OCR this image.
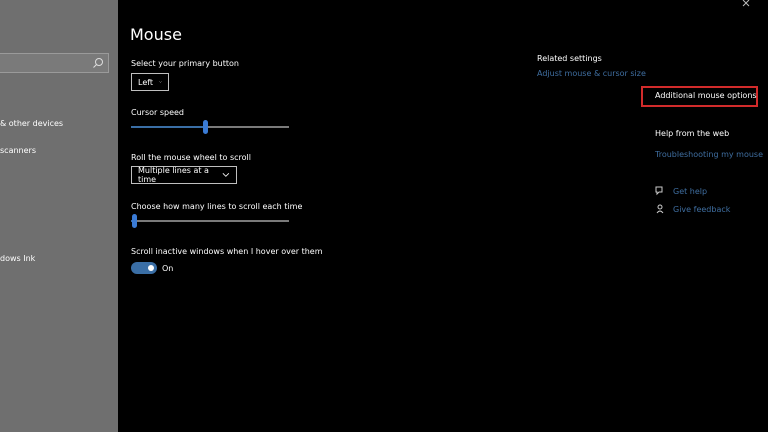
& other devices
scanners
dows Ink
Mouse
Select your primary button
Left
Cursor speed
Roll the mouse wheel to scroll
Multiple lines at a time
Choose how many lines to scroll each time
Scroll inactive windows when I hover over them
On
Related settings
Adjust mouse & cursor size
Additional mouse options
Help from the web
Troubleshooting my mouse
Get help
Give feedback
